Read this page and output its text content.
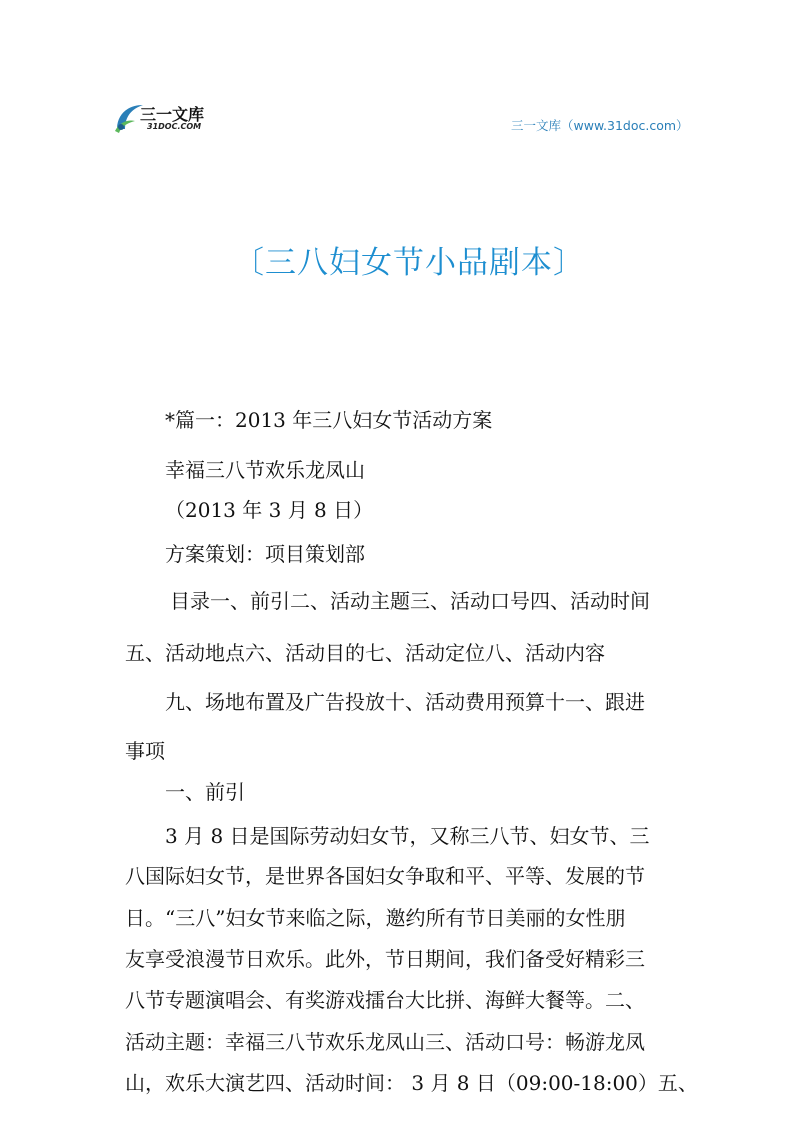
三一文库
31DOC.COM	三一文库（www.31doc.com）
〔三八妇女节小品剧本〕
*篇一：2013 年三八妇女节活动方案
幸福三八节欢乐龙凤山
（2013 年 3 月 8 日）
方案策划：项目策划部
目录一、前引二、活动主题三、活动口号四、活动时间
五、活动地点六、活动目的七、活动定位八、活动内容
九、场地布置及广告投放十、活动费用预算十一、跟进
事项
一、前引
3 月 8 日是国际劳动妇女节，又称三八节、妇女节、三
八国际妇女节，是世界各国妇女争取和平、平等、发展的节
日。“三八”妇女节来临之际，邀约所有节日美丽的女性朋
友享受浪漫节日欢乐。此外，节日期间，我们备受好精彩三
八节专题演唱会、有奖游戏擂台大比拼、海鲜大餐等。二、
活动主题：幸福三八节欢乐龙凤山三、活动口号：畅游龙凤
山，欢乐大演艺四、活动时间： 3 月 8 日（09:00-18:00）五、
